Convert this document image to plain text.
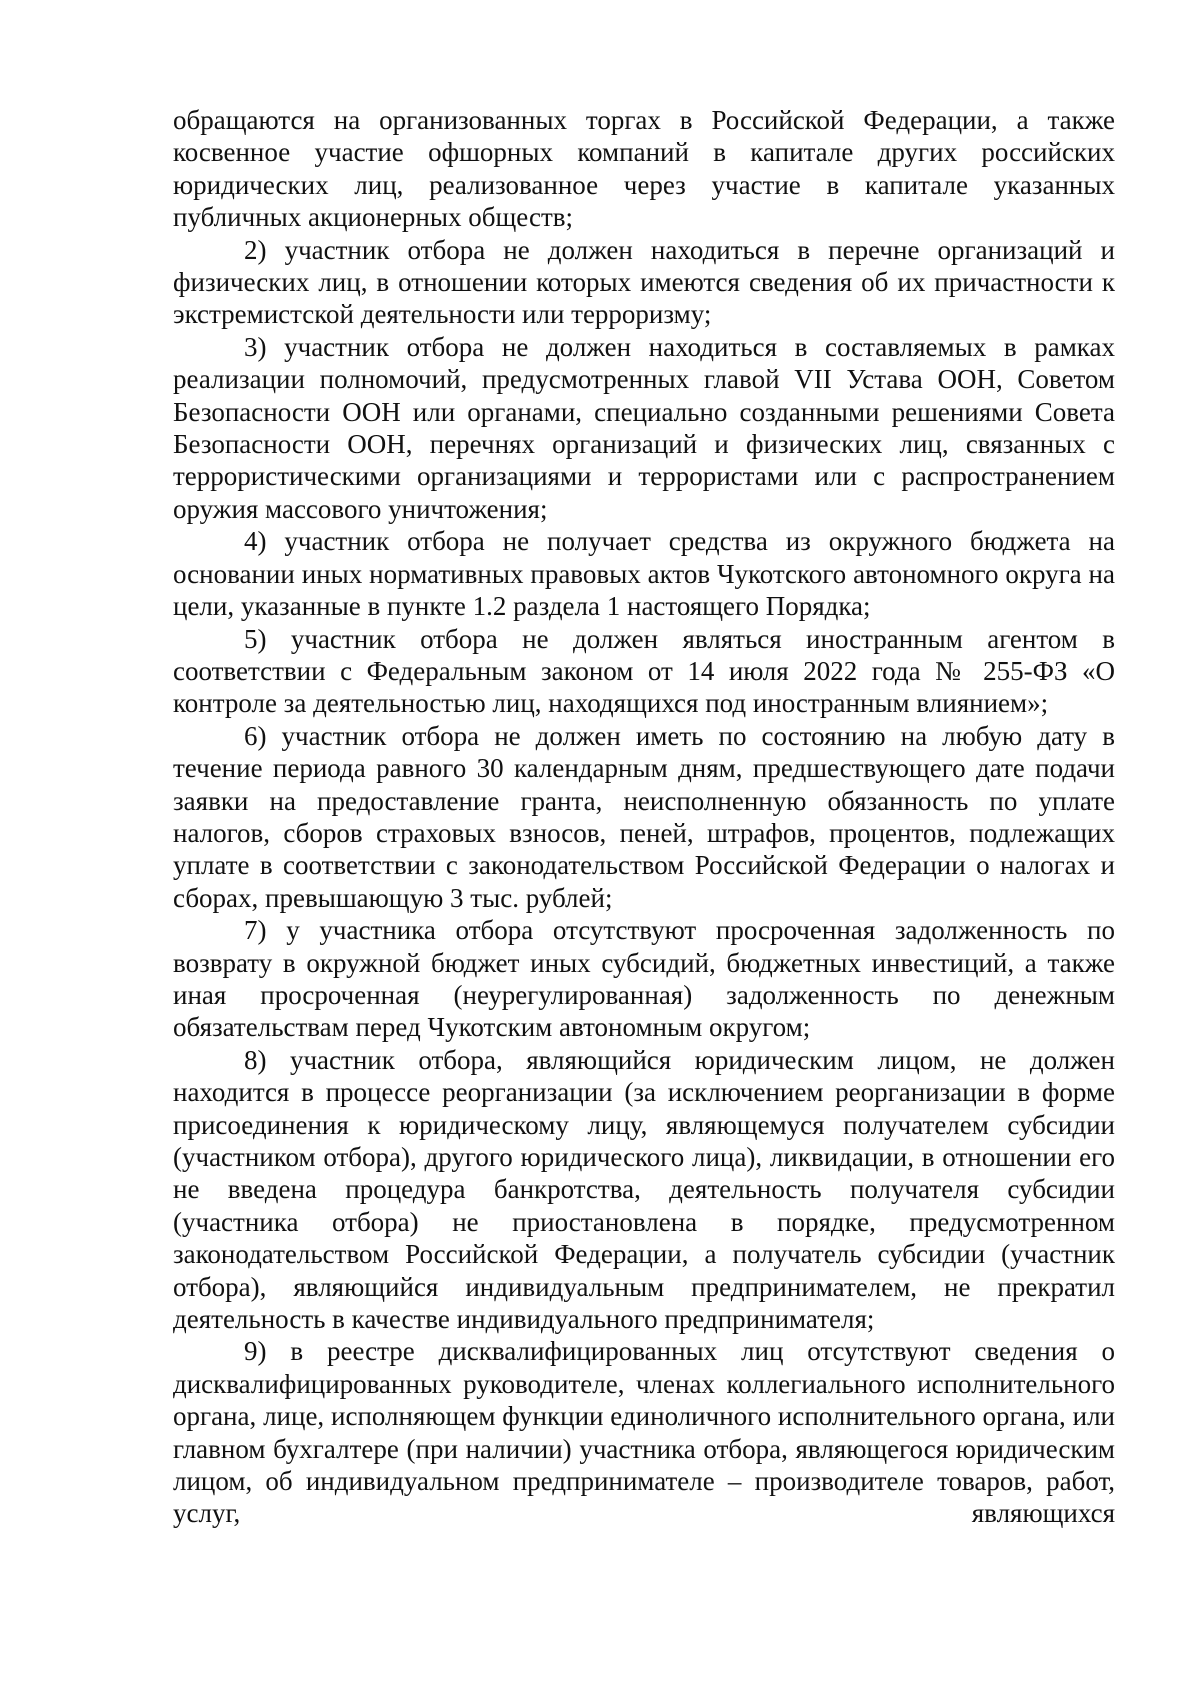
обращаются на организованных торгах в Российской Федерации, а также косвенное участие офшорных компаний в капитале других российских юридических лиц, реализованное через участие в капитале указанных публичных акционерных обществ;

2) участник отбора не должен находиться в перечне организаций и физических лиц, в отношении которых имеются сведения об их причастности к экстремистской деятельности или терроризму;

3) участник отбора не должен находиться в составляемых в рамках реализации полномочий, предусмотренных главой VII Устава ООН, Советом Безопасности ООН или органами, специально созданными решениями Совета Безопасности ООН, перечнях организаций и физических лиц, связанных с террористическими организациями и террористами или с распространением оружия массового уничтожения;

4) участник отбора не получает средства из окружного бюджета на основании иных нормативных правовых актов Чукотского автономного округа на цели, указанные в пункте 1.2 раздела 1 настоящего Порядка;

5) участник отбора не должен являться иностранным агентом в соответствии с Федеральным законом от 14 июля 2022 года № 255-ФЗ «О контроле за деятельностью лиц, находящихся под иностранным влиянием»;

6) участник отбора не должен иметь по состоянию на любую дату в течение периода равного 30 календарным дням, предшествующего дате подачи заявки на предоставление гранта, неисполненную обязанность по уплате налогов, сборов страховых взносов, пеней, штрафов, процентов, подлежащих уплате в соответствии с законодательством Российской Федерации о налогах и сборах, превышающую 3 тыс. рублей;

7) у участника отбора отсутствуют просроченная задолженность по возврату в окружной бюджет иных субсидий, бюджетных инвестиций, а также иная просроченная (неурегулированная) задолженность по денежным обязательствам перед Чукотским автономным округом;

8) участник отбора, являющийся юридическим лицом, не должен находится в процессе реорганизации (за исключением реорганизации в форме присоединения к юридическому лицу, являющемуся получателем субсидии (участником отбора), другого юридического лица), ликвидации, в отношении его не введена процедура банкротства, деятельность получателя субсидии (участника отбора) не приостановлена в порядке, предусмотренном законодательством Российской Федерации, а получатель субсидии (участник отбора), являющийся индивидуальным предпринимателем, не прекратил деятельность в качестве индивидуального предпринимателя;

9) в реестре дисквалифицированных лиц отсутствуют сведения о дисквалифицированных руководителе, членах коллегиального исполнительного органа, лице, исполняющем функции единоличного исполнительного органа, или главном бухгалтере (при наличии) участника отбора, являющегося юридическим лицом, об индивидуальном предпринимателе – производителе товаров, работ, услуг, являющихся
